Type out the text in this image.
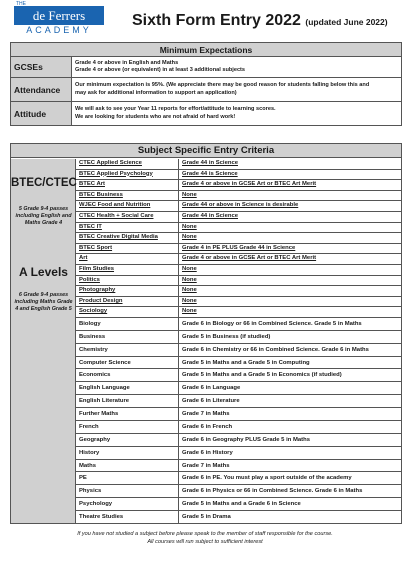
THE
de Ferrers
ACADEMY
Sixth Form Entry 2022 (updated June 2022)
Minimum Expectations	
GCSEs	Grade 4 or above in English and Maths
Grade 4 or above (or equivalent) in at least 3 additional subjects

Attendance	Our minimum expectation is 95%. (We appreciate there may be good reason for students falling below this and
may ask for additional information to support an application)

Attitude	We will ask to see your Year 11 reports for effort/attitude to learning scores.
We are looking for students who are not afraid of hard work!
Subject Specific Entry Criteria
BTEC/CTEC
5 Grade 9-4 passes including English and Maths Grade 4
A Levels
6 Grade 9-4 passes including Maths Grade 4 and English Grade 5
CTEC Applied Science	Grade 44 in Science
BTEC Applied Psychology	Grade 44 is Science
BTEC Art	Grade 4 or above in GCSE Art or BTEC Art Merit
BTEC Business	None
WJEC Food and Nutrition	Grade 44 or above in Science is desirable
CTEC Health + Social Care	Grade 44 in Science
BTEC IT	None
BTEC Creative Digital Media	None
BTEC Sport	Grade 4 in PE PLUS Grade 44 in Science
Art	Grade 4 or above in GCSE Art or BTEC Art Merit
Film Studies	None
Politics	None
Photography	None
Product Design	None
Sociology	None
Biology	Grade 6 in Biology or 66 in Combined Science. Grade 5 in Maths
Business	Grade 5 in Business (if studied)
Chemistry	Grade 6 in Chemistry or 66 in Combined Science. Grade 6 in Maths
Computer Science	Grade 5 in Maths and a Grade 5 in Computing
Economics	Grade 5 in Maths and a Grade 5 in Economics (if studied)
English Language	Grade 6 in Language
English Literature	Grade 6 in Literature
Further Maths	Grade 7 in Maths
French	Grade 6 in French
Geography	Grade 6 in Geography PLUS Grade 5 in Maths
History	Grade 6 in History
Maths	Grade 7 in Maths
PE	Grade 6 in PE. You must play a sport outside of the academy
Physics	Grade 6 in Physics or 66 in Combined Science. Grade 6 in Maths
Psychology	Grade 5 in Maths and a Grade 6 in Science
Theatre Studies	Grade 5 in Drama
If you have not studied a subject before please speak to the member of staff responsible for the course.
All courses will run subject to sufficient interest
